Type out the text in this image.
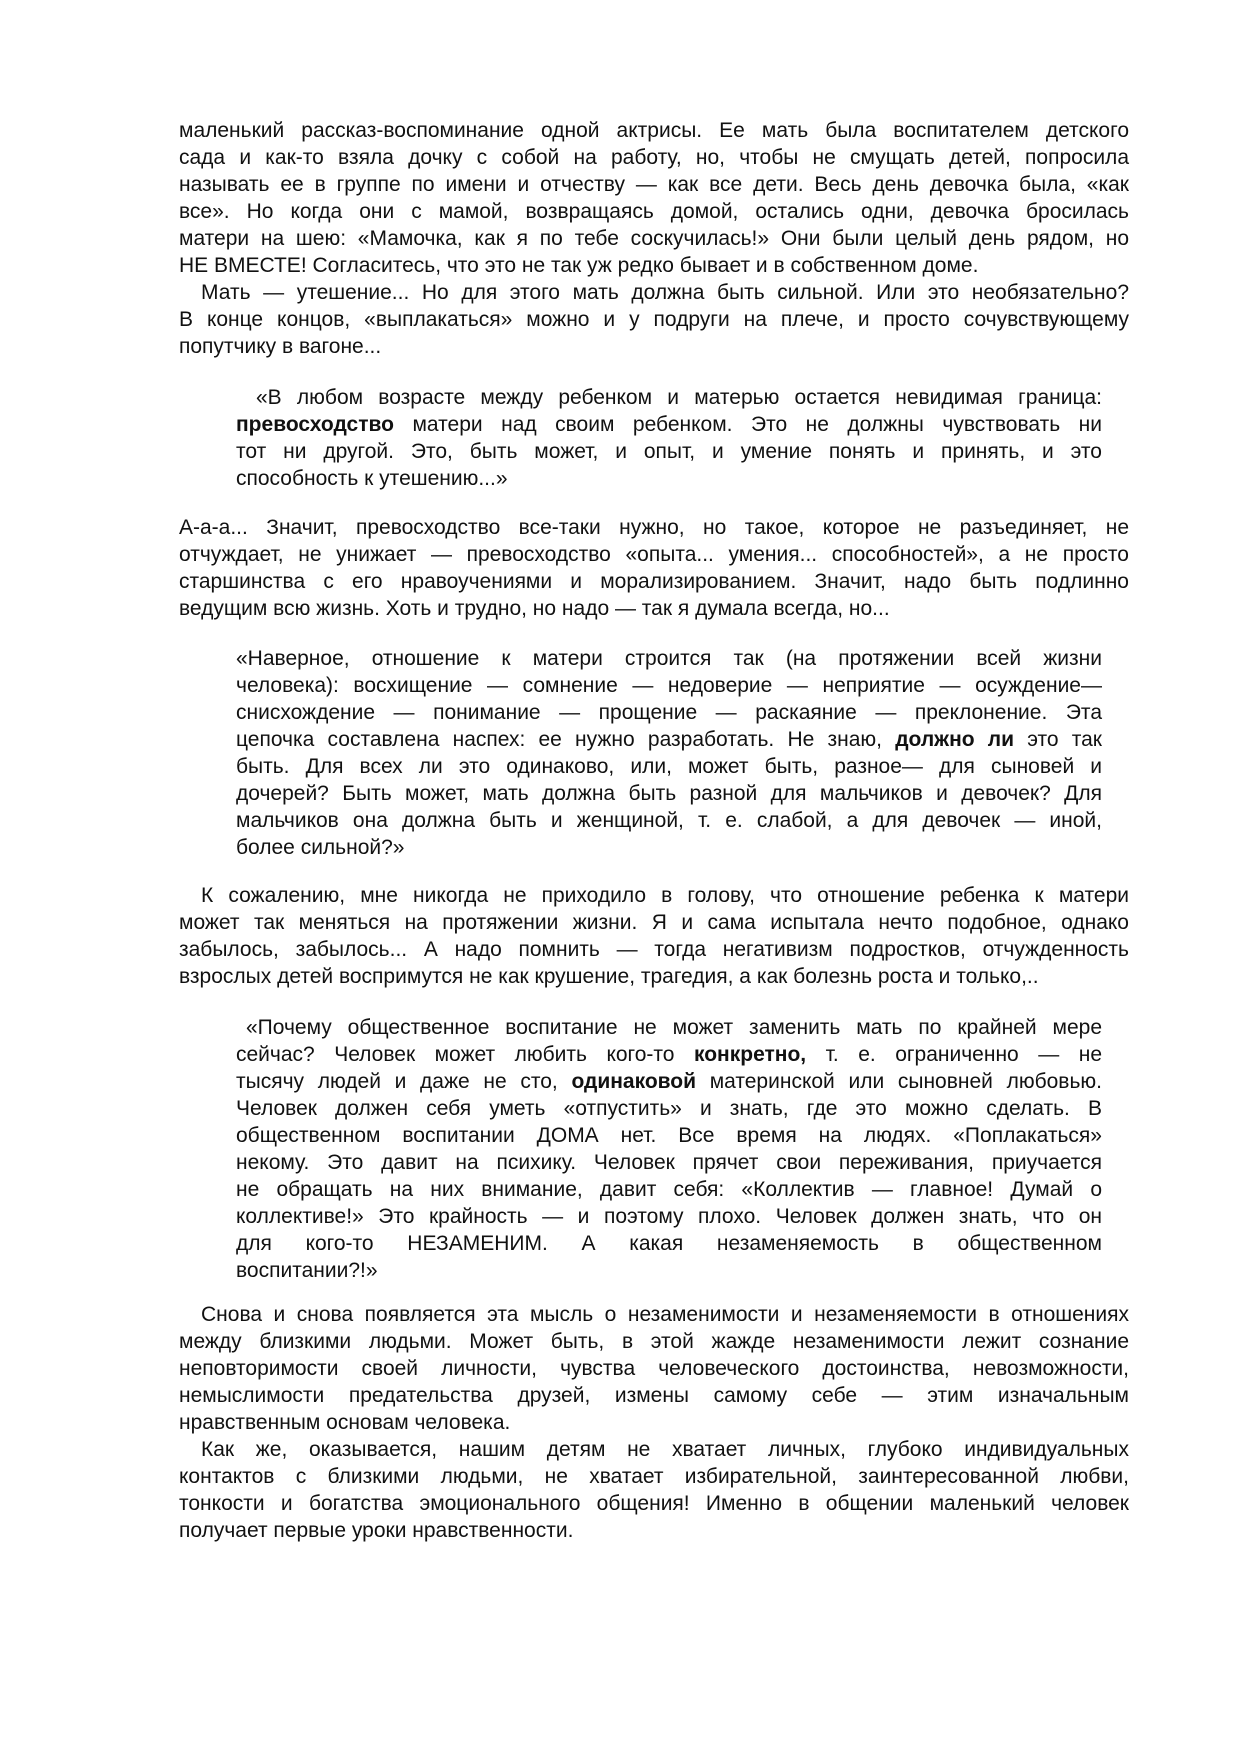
маленький рассказ-воспоминание одной актрисы. Ее мать была воспитателем детского
сада и как-то взяла дочку с собой на работу, но, чтобы не смущать детей, попросила
называть ее в группе по имени и отчеству — как все дети. Весь день девочка была, «как
все». Но когда они с мамой, возвращаясь домой, остались одни, девочка бросилась
матери на шею: «Мамочка, как я по тебе соскучилась!» Они были целый день рядом, но
НЕ ВМЕСТЕ! Согласитесь, что это не так уж редко бывает и в собственном доме.
Мать — утешение... Но для этого мать должна быть сильной. Или это необязательно?
В конце концов, «выплакаться» можно и у подруги на плече, и просто сочувствующему
попутчику в вагоне...
«В любом возрасте между ребенком и матерью остается невидимая граница:
превосходство матери над своим ребенком. Это не должны чувствовать ни
тот ни другой. Это, быть может, и опыт, и умение понять и принять, и это
способность к утешению...»
А-а-а... Значит, превосходство все-таки нужно, но такое, которое не разъединяет, не
отчуждает, не унижает — превосходство «опыта... умения... способностей», а не просто
старшинства с его нравоучениями и морализированием. Значит, надо быть подлинно
ведущим всю жизнь. Хоть и трудно, но надо — так я думала всегда, но...
«Наверное, отношение к матери строится так (на протяжении всей жизни
человека): восхищение — сомнение — недоверие — неприятие — осуждение—
снисхождение — понимание — прощение — раскаяние — преклонение. Эта
цепочка составлена наспех: ее нужно разработать. Не знаю, должно ли это так
быть. Для всех ли это одинаково, или, может быть, разное— для сыновей и
дочерей? Быть может, мать должна быть разной для мальчиков и девочек? Для
мальчиков она должна быть и женщиной, т. е. слабой, а для девочек — иной,
более сильной?»
К сожалению, мне никогда не приходило в голову, что отношение ребенка к матери
может так меняться на протяжении жизни. Я и сама испытала нечто подобное, однако
забылось, забылось... А надо помнить — тогда негативизм подростков, отчужденность
взрослых детей воспримутся не как крушение, трагедия, а как болезнь роста и только,..
«Почему общественное воспитание не может заменить мать по крайней мере
сейчас? Человек может любить кого-то конкретно, т. е. ограниченно — не
тысячу людей и даже не сто, одинаковой материнской или сыновней любовью.
Человек должен себя уметь «отпустить» и знать, где это можно сделать. В
общественном воспитании ДОМА нет. Все время на людях. «Поплакаться»
некому. Это давит на психику. Человек прячет свои переживания, приучается
не обращать на них внимание, давит себя: «Коллектив — главное! Думай о
коллективе!» Это крайность — и поэтому плохо. Человек должен знать, что он
для кого-то НЕЗАМЕНИМ. А какая незаменяемость в общественном
воспитании?!»
Снова и снова появляется эта мысль о незаменимости и незаменяемости в отношениях
между близкими людьми. Может быть, в этой жажде незаменимости лежит сознание
неповторимости своей личности, чувства человеческого достоинства, невозможности,
немыслимости предательства друзей, измены самому себе — этим изначальным
нравственным основам человека.
Как же, оказывается, нашим детям не хватает личных, глубоко индивидуальных
контактов с близкими людьми, не хватает избирательной, заинтересованной любви,
тонкости и богатства эмоционального общения! Именно в общении маленький человек
получает первые уроки нравственности.
